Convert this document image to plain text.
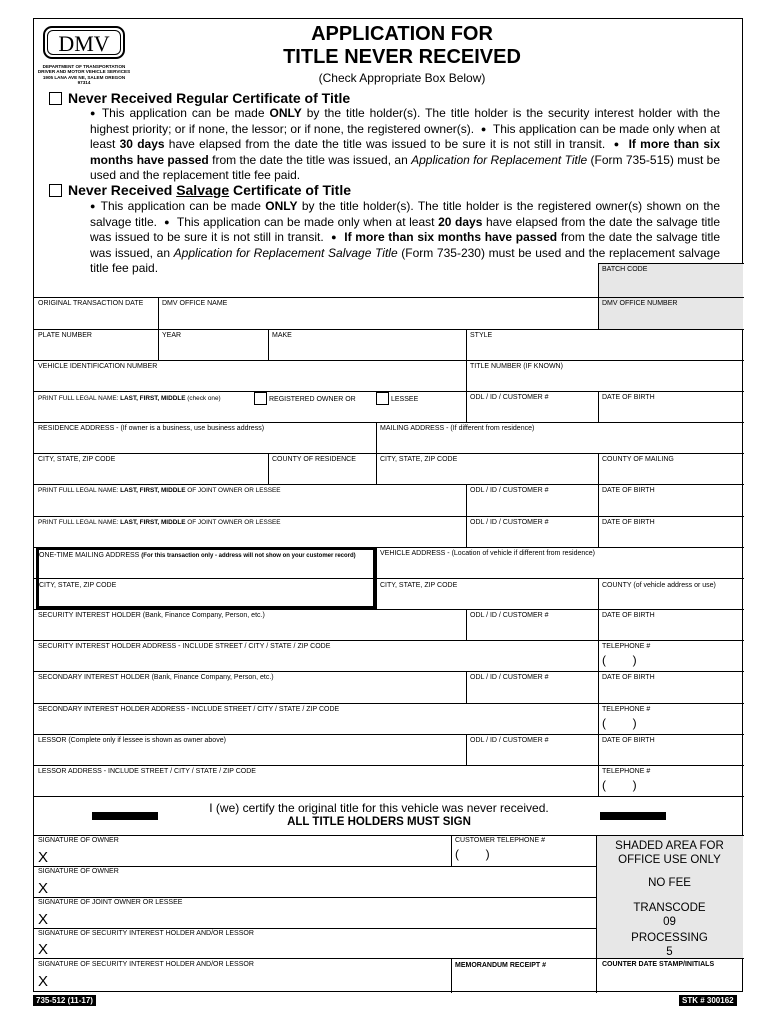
DMV
DEPARTMENT OF TRANSPORTATION
DRIVER AND MOTOR VEHICLE SERVICES
1905 LANA AVE NE, SALEM OREGON 97314
APPLICATION FOR
TITLE NEVER RECEIVED
(Check Appropriate Box Below)
Never Received Regular Certificate of Title
● This application can be made ONLY by the title holder(s). The title holder is the security interest holder with the highest priority; or if none, the lessor; or if none, the registered owner(s). ● This application can be made only when at least 30 days have elapsed from the date the title was issued to be sure it is not still in transit. ● If more than six months have passed from the date the title was issued, an Application for Replacement Title (Form 735-515) must be used and the replacement title fee paid.
Never Received Salvage Certificate of Title
● This application can be made ONLY by the title holder(s). The title holder is the registered owner(s) shown on the salvage title. ● This application can be made only when at least 20 days have elapsed from the date the salvage title was issued to be sure it is not still in transit. ● If more than six months have passed from the date the salvage title was issued, an Application for Replacement Salvage Title (Form 735-230) must be used and the replacement salvage title fee paid.	BATCH CODE
ORIGINAL TRANSACTION DATE	DMV OFFICE NAME	DMV OFFICE NUMBER
PLATE NUMBER	YEAR	MAKE	STYLE
VEHICLE IDENTIFICATION NUMBER	TITLE NUMBER (IF KNOWN)
PRINT FULL LEGAL NAME: LAST, FIRST, MIDDLE (check one)	REGISTERED OWNER OR	LESSEE	ODL / ID / CUSTOMER #	DATE OF BIRTH
RESIDENCE ADDRESS - (If owner is a business, use business address)	MAILING ADDRESS - (If different from residence)
CITY, STATE, ZIP CODE	COUNTY OF RESIDENCE	CITY, STATE, ZIP CODE	COUNTY OF MAILING
PRINT FULL LEGAL NAME: LAST, FIRST, MIDDLE OF JOINT OWNER OR LESSEE	ODL / ID / CUSTOMER #	DATE OF BIRTH
PRINT FULL LEGAL NAME: LAST, FIRST, MIDDLE OF JOINT OWNER OR LESSEE	ODL / ID / CUSTOMER #	DATE OF BIRTH
ONE-TIME MAILING ADDRESS (For this transaction only - address will not show on your customer record)	VEHICLE ADDRESS - (Location of vehicle if different from residence)
CITY, STATE, ZIP CODE	CITY, STATE, ZIP CODE	COUNTY (of vehicle address or use)
SECURITY INTEREST HOLDER (Bank, Finance Company, Person, etc.)	ODL / ID / CUSTOMER #	DATE OF BIRTH
SECURITY INTEREST HOLDER ADDRESS - INCLUDE STREET / CITY / STATE / ZIP CODE	TELEPHONE #
(        )
SECONDARY INTEREST HOLDER (Bank, Finance Company, Person, etc.)	ODL / ID / CUSTOMER #	DATE OF BIRTH
SECONDARY INTEREST HOLDER ADDRESS - INCLUDE STREET / CITY / STATE / ZIP CODE	TELEPHONE #
(        )
LESSOR (Complete only if lessee is shown as owner above)	ODL / ID / CUSTOMER #	DATE OF BIRTH
LESSOR ADDRESS - INCLUDE STREET / CITY / STATE / ZIP CODE	TELEPHONE #
(        )
I (we) certify the original title for this vehicle was never received.
ALL TITLE HOLDERS MUST SIGN
SIGNATURE OF OWNER
X
CUSTOMER TELEPHONE #
(        )
SIGNATURE OF OWNER
X
SIGNATURE OF JOINT OWNER OR LESSEE
X
SIGNATURE OF SECURITY INTEREST HOLDER AND/OR LESSOR
X
SIGNATURE OF SECURITY INTEREST HOLDER AND/OR LESSOR
X
MEMORANDUM RECEIPT #	COUNTER DATE STAMP/INITIALS
SHADED AREA FOR
OFFICE USE ONLY
NO FEE
TRANSCODE
09
PROCESSING
5
735-512 (11-17)	STK # 300162
